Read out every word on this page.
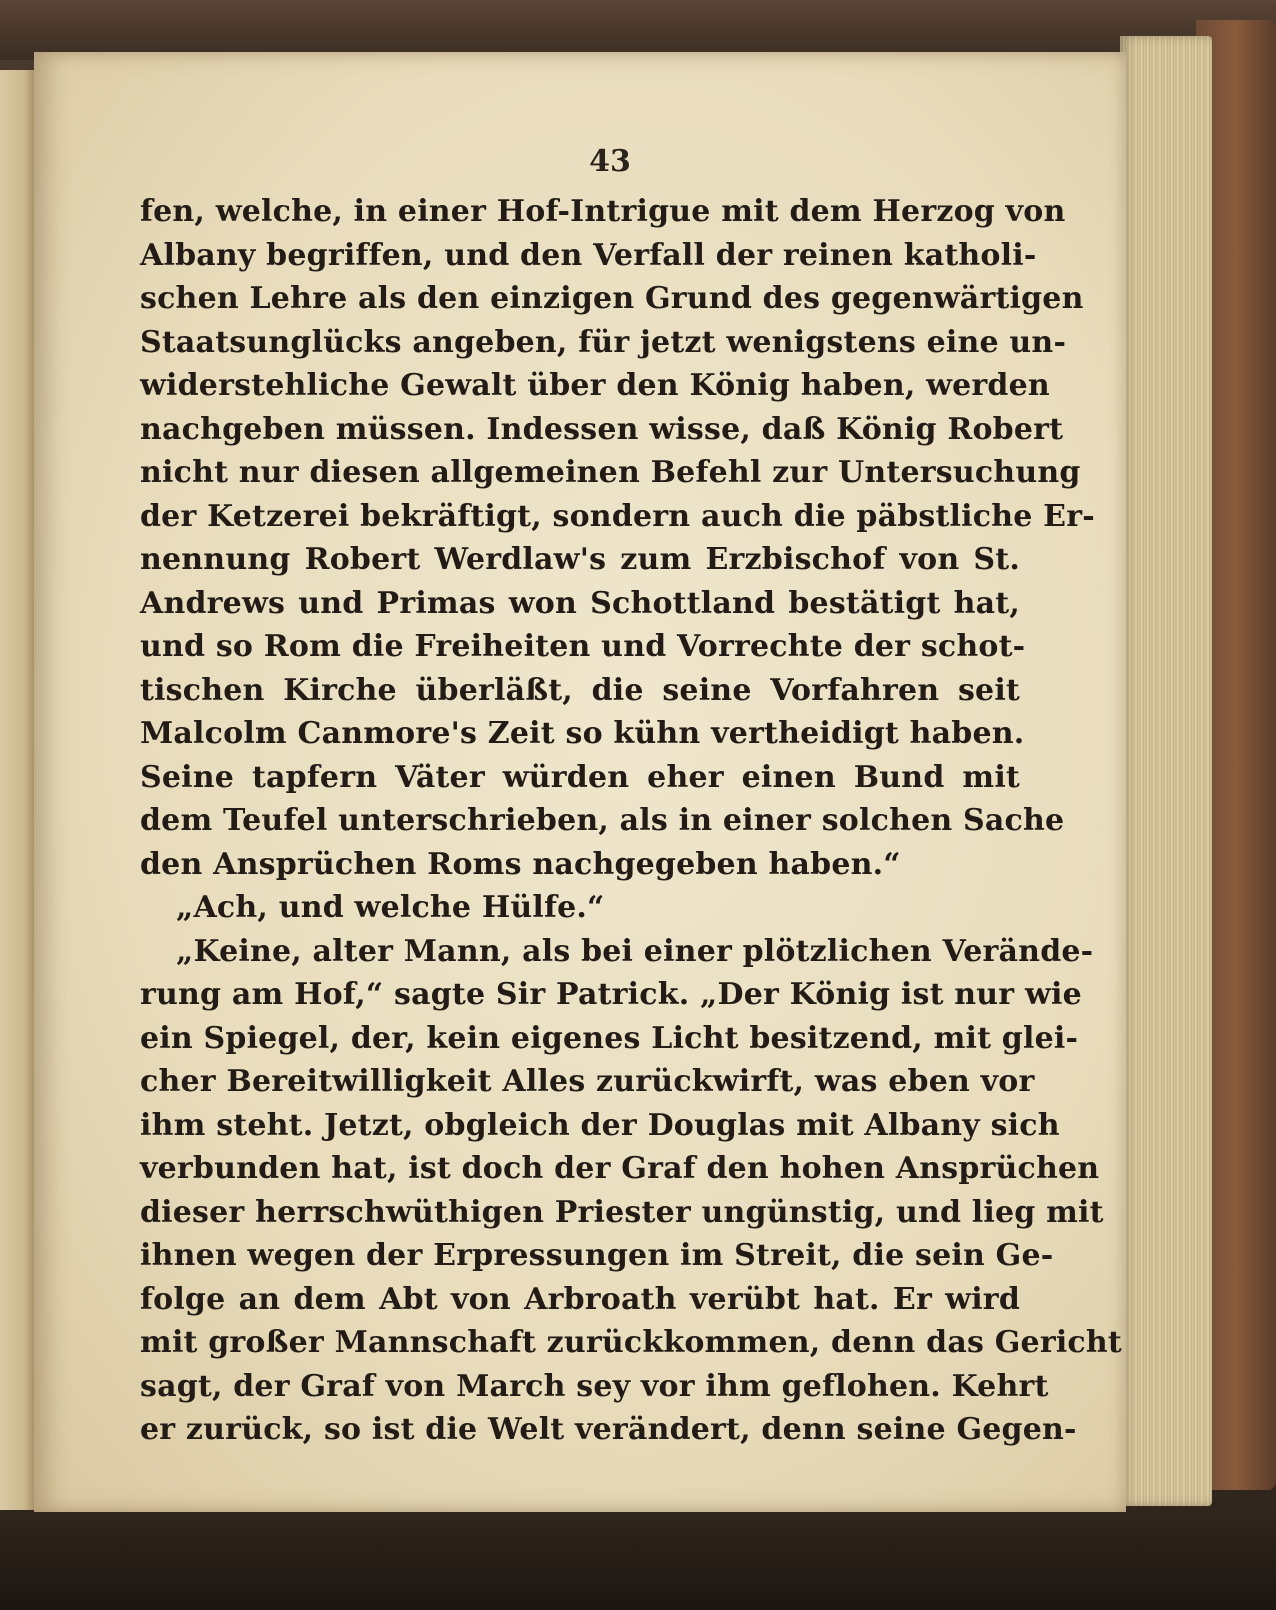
43
fen, welche, in einer Hof-Intrigue mit dem Herzog von
Albany begriffen, und den Verfall der reinen katholi-
schen Lehre als den einzigen Grund des gegenwärtigen
Staatsunglücks angeben, für jetzt wenigstens eine un-
widerstehliche Gewalt über den König haben, werden
nachgeben müssen. Indessen wisse, daß König Robert
nicht nur diesen allgemeinen Befehl zur Untersuchung
der Ketzerei bekräftigt, sondern auch die päbstliche Er-
nennung Robert Werdlaw's zum Erzbischof von St.
Andrews und Primas won Schottland bestätigt hat,
und so Rom die Freiheiten und Vorrechte der schot-
tischen Kirche überläßt, die seine Vorfahren seit
Malcolm Canmore's Zeit so kühn vertheidigt haben.
Seine tapfern Väter würden eher einen Bund mit
dem Teufel unterschrieben, als in einer solchen Sache
den Ansprüchen Roms nachgegeben haben.“
„Ach, und welche Hülfe.“
„Keine, alter Mann, als bei einer plötzlichen Verände-
rung am Hof,“ sagte Sir Patrick. „Der König ist nur wie
ein Spiegel, der, kein eigenes Licht besitzend, mit glei-
cher Bereitwilligkeit Alles zurückwirft, was eben vor
ihm steht. Jetzt, obgleich der Douglas mit Albany sich
verbunden hat, ist doch der Graf den hohen Ansprüchen
dieser herrschwüthigen Priester ungünstig, und lieg mit
ihnen wegen der Erpressungen im Streit, die sein Ge-
folge an dem Abt von Arbroath verübt hat. Er wird
mit großer Mannschaft zurückkommen, denn das Gericht
sagt, der Graf von March sey vor ihm geflohen. Kehrt
er zurück, so ist die Welt verändert, denn seine Gegen-
